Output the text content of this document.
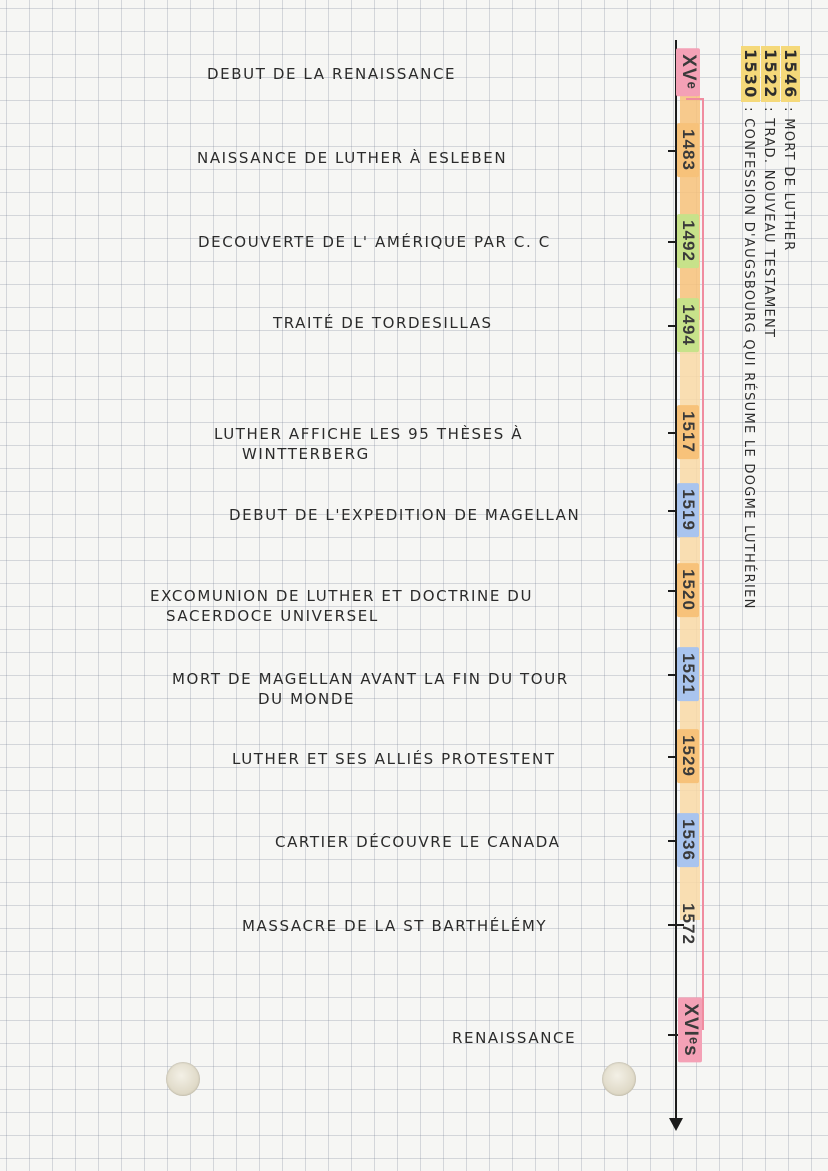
DEBUT DE LA RENAISSANCE
NAISSANCE DE LUTHER À ESLEBEN
DECOUVERTE DE L' AMÉRIQUE PAR C. C
TRAITÉ DE TORDESILLAS
LUTHER AFFICHE LES 95 THÈSES À
WINTTERBERG
DEBUT DE L'EXPEDITION DE MAGELLAN
EXCOMUNION DE LUTHER ET DOCTRINE DU
SACERDOCE UNIVERSEL
MORT DE MAGELLAN AVANT LA FIN DU TOUR
DU MONDE
LUTHER ET SES ALLIÉS PROTESTENT
CARTIER DÉCOUVRE LE CANADA
MASSACRE DE LA ST BARTHÉLÉMY
RENAISSANCE
XVᵉ
XVIᵉs
1483
1492
1494
1517
1519
1520
1521
1529
1536
1572
1546 : MORT DE LUTHER
1522 : TRAD. NOUVEAU TESTAMENT
1530 : CONFESSION D'AUGSBOURG QUI RÉSUME LE DOGME LUTHÉRIEN
